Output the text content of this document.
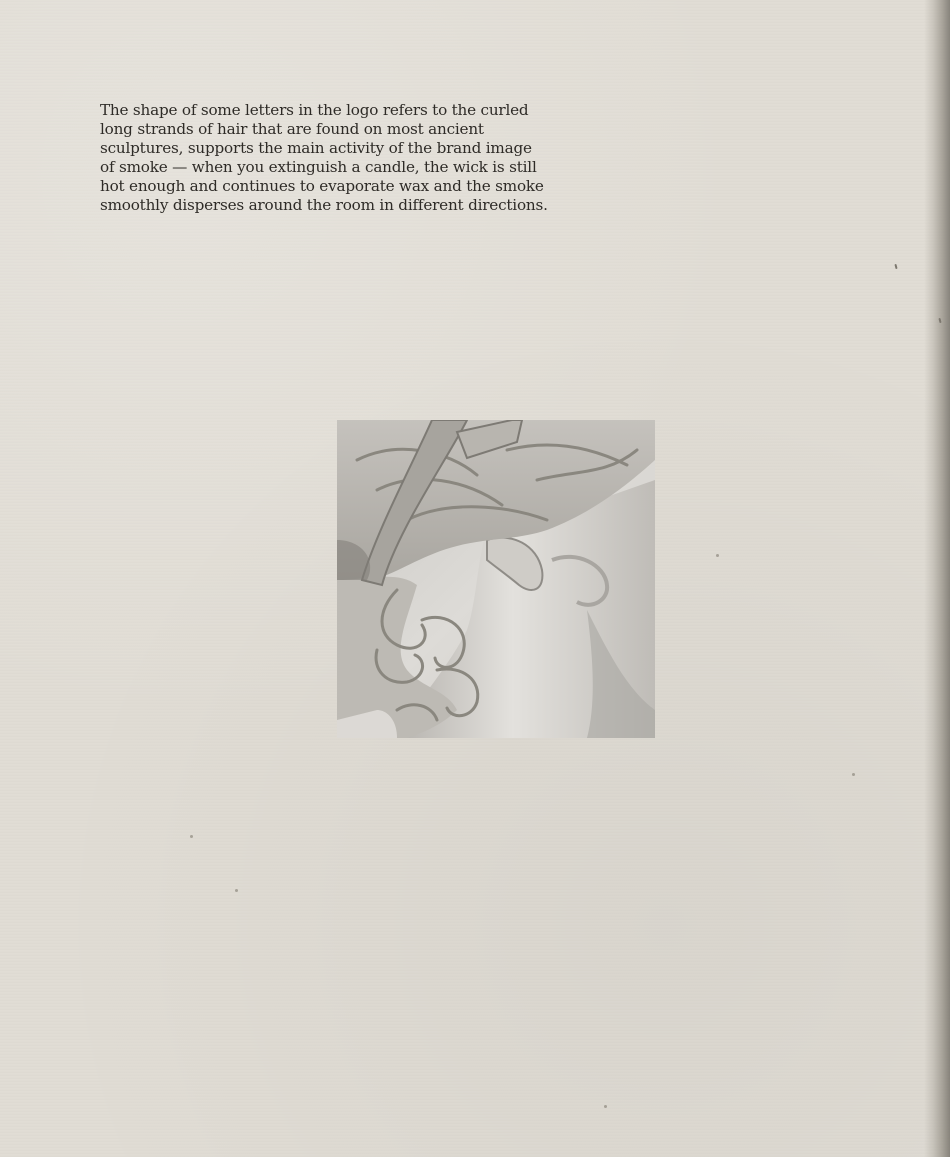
The shape of some letters in the logo refers to the curled long strands of hair that are found on most ancient sculptures, supports the main activity of the brand image of smoke — when you extinguish a candle, the wick is still hot enough and continues to evaporate wax and the smoke smoothly disperses around the room in different directions.
